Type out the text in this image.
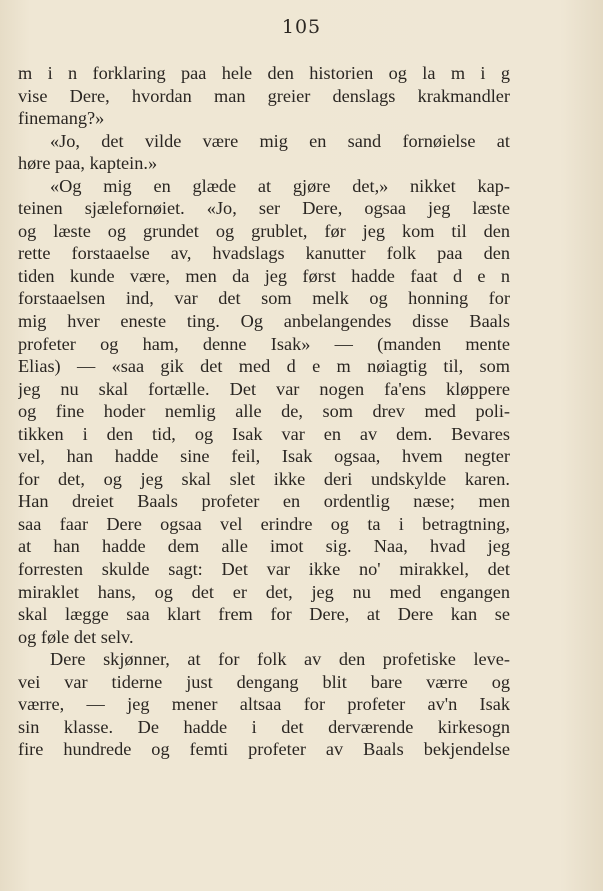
105
m i n forklaring paa hele den historien og la m i g
vise Dere, hvordan man greier denslags krakmandler
finemang?»
«Jo, det vilde være mig en sand fornøielse at
høre paa, kaptein.»
«Og mig en glæde at gjøre det,» nikket kap-
teinen sjælefornøiet. «Jo, ser Dere, ogsaa jeg læste
og læste og grundet og grublet, før jeg kom til den
rette forstaaelse av, hvadslags kanutter folk paa den
tiden kunde være, men da jeg først hadde faat d e n
forstaaelsen ind, var det som melk og honning for
mig hver eneste ting. Og anbelangendes disse Baals
profeter og ham, denne Isak» — (manden mente
Elias) — «saa gik det med d e m nøiagtig til, som
jeg nu skal fortælle. Det var nogen fa'ens kløppere
og fine hoder nemlig alle de, som drev med poli-
tikken i den tid, og Isak var en av dem. Bevares
vel, han hadde sine feil, Isak ogsaa, hvem negter
for det, og jeg skal slet ikke deri undskylde karen.
Han dreiet Baals profeter en ordentlig næse; men
saa faar Dere ogsaa vel erindre og ta i betragtning,
at han hadde dem alle imot sig. Naa, hvad jeg
forresten skulde sagt: Det var ikke no' mirakkel, det
miraklet hans, og det er det, jeg nu med engangen
skal lægge saa klart frem for Dere, at Dere kan se
og føle det selv.
Dere skjønner, at for folk av den profetiske leve-
vei var tiderne just dengang blit bare værre og
værre, — jeg mener altsaa for profeter av'n Isak
sin klasse. De hadde i det derværende kirkesogn
fire hundrede og femti profeter av Baals bekjendelse
